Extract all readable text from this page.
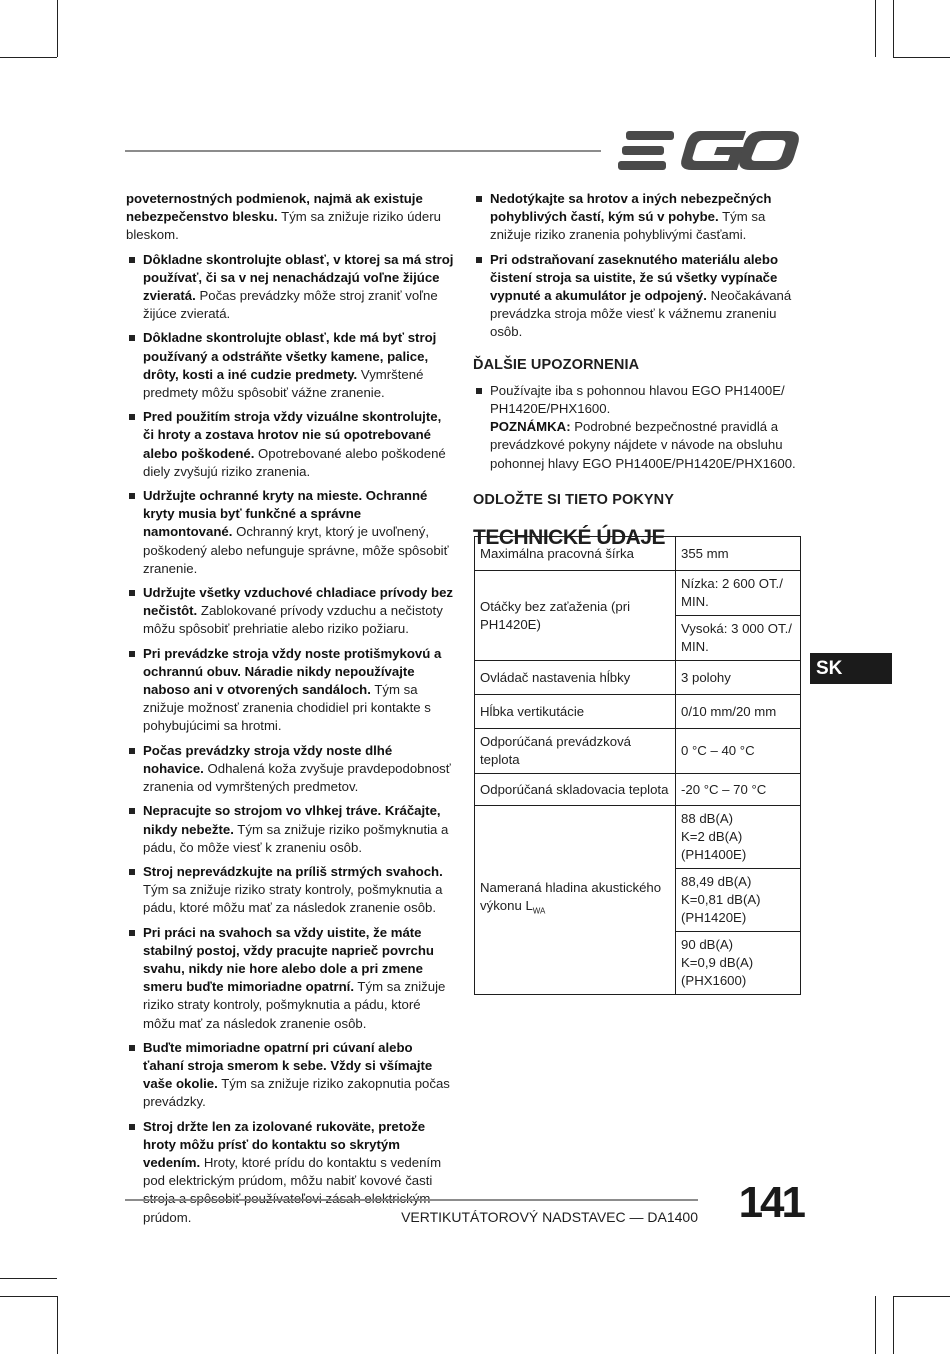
poveternostných podmienok, najmä ak existuje nebezpečenstvo blesku. Tým sa znižuje riziko úderu bleskom.
Dôkladne skontrolujte oblasť, v ktorej sa má stroj používať, či sa v nej nenachádzajú voľne žijúce zvieratá. Počas prevádzky môže stroj zraniť voľne žijúce zvieratá.
Dôkladne skontrolujte oblasť, kde má byť stroj používaný a odstráňte všetky kamene, palice, drôty, kosti a iné cudzie predmety. Vymrštené predmety môžu spôsobiť vážne zranenie.
Pred použitím stroja vždy vizuálne skontrolujte, či hroty a zostava hrotov nie sú opotrebované alebo poškodené. Opotrebované alebo poškodené diely zvyšujú riziko zranenia.
Udržujte ochranné kryty na mieste. Ochranné kryty musia byť funkčné a správne namontované. Ochranný kryt, ktorý je uvoľnený, poškodený alebo nefunguje správne, môže spôsobiť zranenie.
Udržujte všetky vzduchové chladiace prívody bez nečistôt. Zablokované prívody vzduchu a nečistoty môžu spôsobiť prehriatie alebo riziko požiaru.
Pri prevádzke stroja vždy noste protišmykovú a ochrannú obuv. Náradie nikdy nepoužívajte naboso ani v otvorených sandáloch. Tým sa znižuje možnosť zranenia chodidiel pri kontakte s pohybujúcimi sa hrotmi.
Počas prevádzky stroja vždy noste dlhé nohavice. Odhalená koža zvyšuje pravdepodobnosť zranenia od vymrštených predmetov.
Nepracujte so strojom vo vlhkej tráve. Kráčajte, nikdy nebežte. Tým sa znižuje riziko pošmyknutia a pádu, čo môže viesť k zraneniu osôb.
Stroj neprevádzkujte na príliš strmých svahoch. Tým sa znižuje riziko straty kontroly, pošmyknutia a pádu, ktoré môžu mať za následok zranenie osôb.
Pri práci na svahoch sa vždy uistite, že máte stabilný postoj, vždy pracujte naprieč povrchu svahu, nikdy nie hore alebo dole a pri zmene smeru buďte mimoriadne opatrní. Tým sa znižuje riziko straty kontroly, pošmyknutia a pádu, ktoré môžu mať za následok zranenie osôb.
Buďte mimoriadne opatrní pri cúvaní alebo ťahaní stroja smerom k sebe. Vždy si všímajte vaše okolie. Tým sa znižuje riziko zakopnutia počas prevádzky.
Stroj držte len za izolované rukoväte, pretože hroty môžu prísť do kontaktu so skrytým vedením. Hroty, ktoré prídu do kontaktu s vedením pod elektrickým prúdom, môžu nabiť kovové časti prúdom.
Nedotýkajte sa hrotov a iných nebezpečných pohyblivých častí, kým sú v pohybe. Tým sa znižuje riziko zranenia pohyblivými časťami.
Pri odstraňovaní zaseknutého materiálu alebo čistení stroja sa uistite, že sú všetky vypínače vypnuté a akumulátor je odpojený. Neočakávaná prevádzka stroja môže viesť k vážnemu zraneniu osôb.
ĎALŠIE UPOZORNENIA
Používajte iba s pohonnou hlavou EGO PH1400E/ PH1420E/PHX1600.
POZNÁMKA: Podrobné bezpečnostné pravidlá a prevádzkové pokyny nájdete v návode na obsluhu pohonnej hlavy EGO PH1400E/PH1420E/PHX1600.
ODLOŽTE SI TIETO POKYNY
TECHNICKÉ ÚDAJE
Maximálna pracovná šírka	355 mm
Otáčky bez zaťaženia (pri PH1420E)	Nízka: 2 600 OT./ MIN.
	Vysoká: 3 000 OT./ MIN.
Ovládač nastavenia hĺbky	3 polohy
Hĺbka vertikutácie	0/10 mm/20 mm
Odporúčaná prevádzková teplota	0 °C – 40 °C
Odporúčaná skladovacia teplota	-20 °C – 70 °C
Nameraná hladina akustického výkonu $L_{WA}$	88 dB(A)
K=2 dB(A)
(PH1400E)
	88,49 dB(A)
K=0,81 dB(A)
(PH1420E)
	90 dB(A)
K=0,9 dB(A)
(PHX1600)
SK
VERTIKUTÁTOROVÝ NADSTAVEC — DA1400 141
